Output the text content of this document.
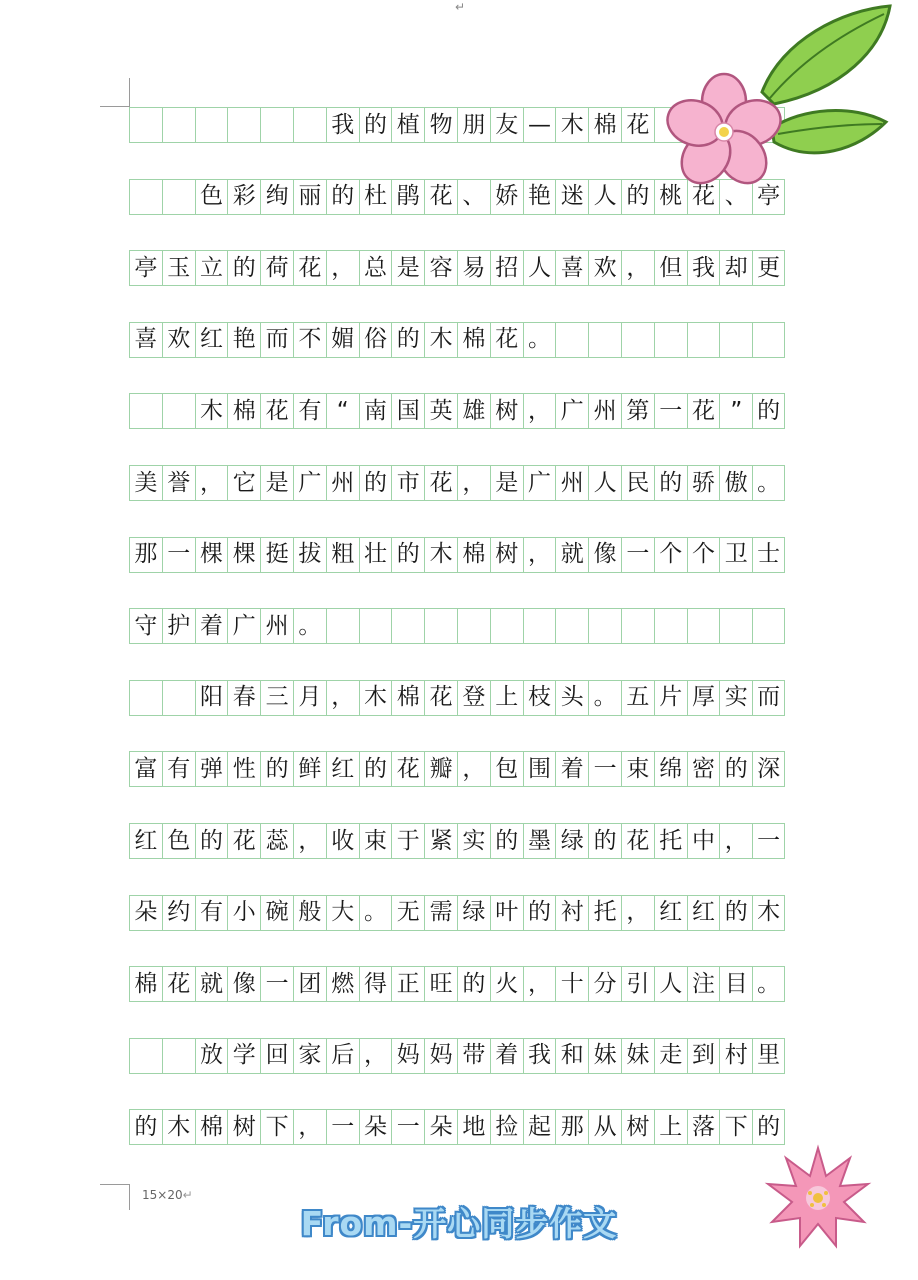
↵
我 的 植 物 朋 友 — 木 棉 花
色 彩 绚 丽 的 杜 鹃 花 、 娇 艳 迷 人 的 桃 花 、 亭
亭 玉 立 的 荷 花 ， 总 是 容 易 招 人 喜 欢 ， 但 我 却 更
喜 欢 红 艳 而 不 媚 俗 的 木 棉 花 。
木 棉 花 有 “ 南 国 英 雄 树 ， 广 州 第 一 花 ” 的
美 誉 ， 它 是 广 州 的 市 花 ， 是 广 州 人 民 的 骄 傲 。
那 一 棵 棵 挺 拔 粗 壮 的 木 棉 树 ， 就 像 一 个 个 卫 士
守 护 着 广 州 。
阳 春 三 月 ， 木 棉 花 登 上 枝 头 。 五 片 厚 实 而
富 有 弹 性 的 鲜 红 的 花 瓣 ， 包 围 着 一 束 绵 密 的 深
红 色 的 花 蕊 ， 收 束 于 紧 实 的 墨 绿 的 花 托 中 ， 一
朵 约 有 小 碗 般 大 。 无 需 绿 叶 的 衬 托 ， 红 红 的 木
棉 花 就 像 一 团 燃 得 正 旺 的 火 ， 十 分 引 人 注 目 。
放 学 回 家 后 ， 妈 妈 带 着 我 和 妹 妹 走 到 村 里
的 木 棉 树 下 ， 一 朵 一 朵 地 捡 起 那 从 树 上 落 下 的
15×20↵
From-开心同步作文
